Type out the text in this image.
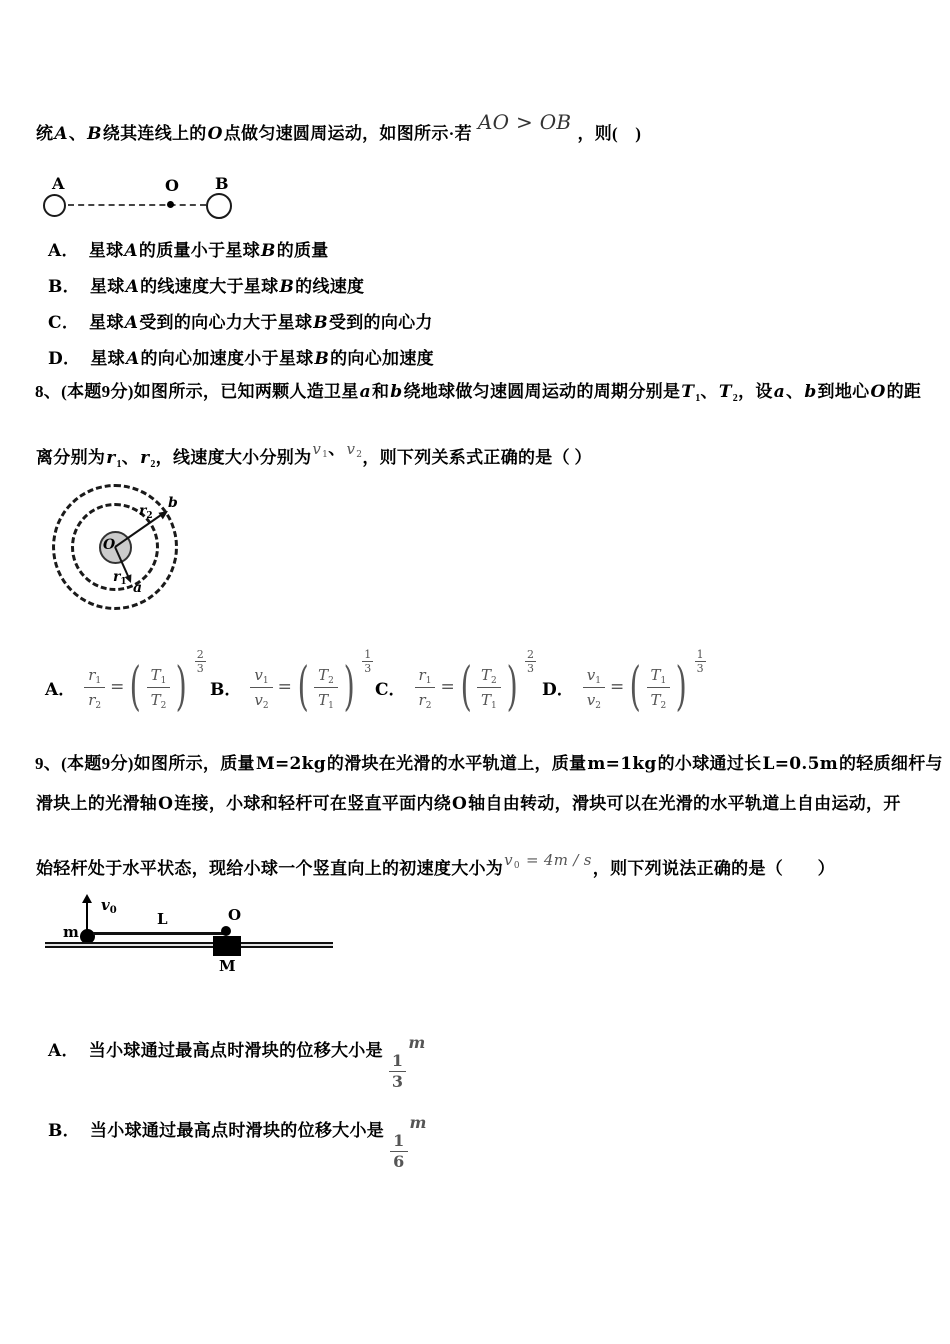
统A、B绕其连线上的O点做匀速圆周运动，如图所示·若 AO > OB ，则(　)
A	O B
A． 星球A的质量小于星球B的质量
B． 星球A的线速度大于星球B的线速度
C． 星球A受到的向心力大于星球B受到的向心力
D． 星球A的向心加速度小于星球B的向心加速度
8、(本题9分)如图所示，已知两颗人造卫星a和b绕地球做匀速圆周运动的周期分别是$T_1$、$T_2$，设a、b到地心O的距
离分别为$r_1$、$r_2$，线速度大小分别为$v_1$、$v_2$，则下列关系式正确的是（ ）
O
$r_2$
b
$r_1$ a
A． $\frac{r_1}{r_2}$ = ( $\frac{T_1}{T_2}$ ) $\frac{2}{3}$
B． $\frac{v_1}{v_2}$ = ( $\frac{T_2}{T_1}$ ) $\frac{1}{3}$
C． $\frac{r_1}{r_2}$ = ( $\frac{T_2}{T_1}$ ) $\frac{2}{3}$
D． $\frac{v_1}{v_2}$ = ( $\frac{T_1}{T_2}$ ) $\frac{1}{3}$
9、(本题9分)如图所示，质量M=2kg的滑块在光滑的水平轨道上，质量m=1kg的小球通过长L=0.5m的轻质细杆与
滑块上的光滑轴O连接，小球和轻杆可在竖直平面内绕O轴自由转动，滑块可以在光滑的水平轨道上自由运动，开
始轻杆处于水平状态，现给小球一个竖直向上的初速度大小为$v_0 = 4m / s$，则下列说法正确的是（　　）
$v_0$
m
L	O
M
A． 当小球通过最高点时滑块的位移大小是
$\frac{1}{3}$
m
B． 当小球通过最高点时滑块的位移大小是
$\frac{1}{6}$
m
